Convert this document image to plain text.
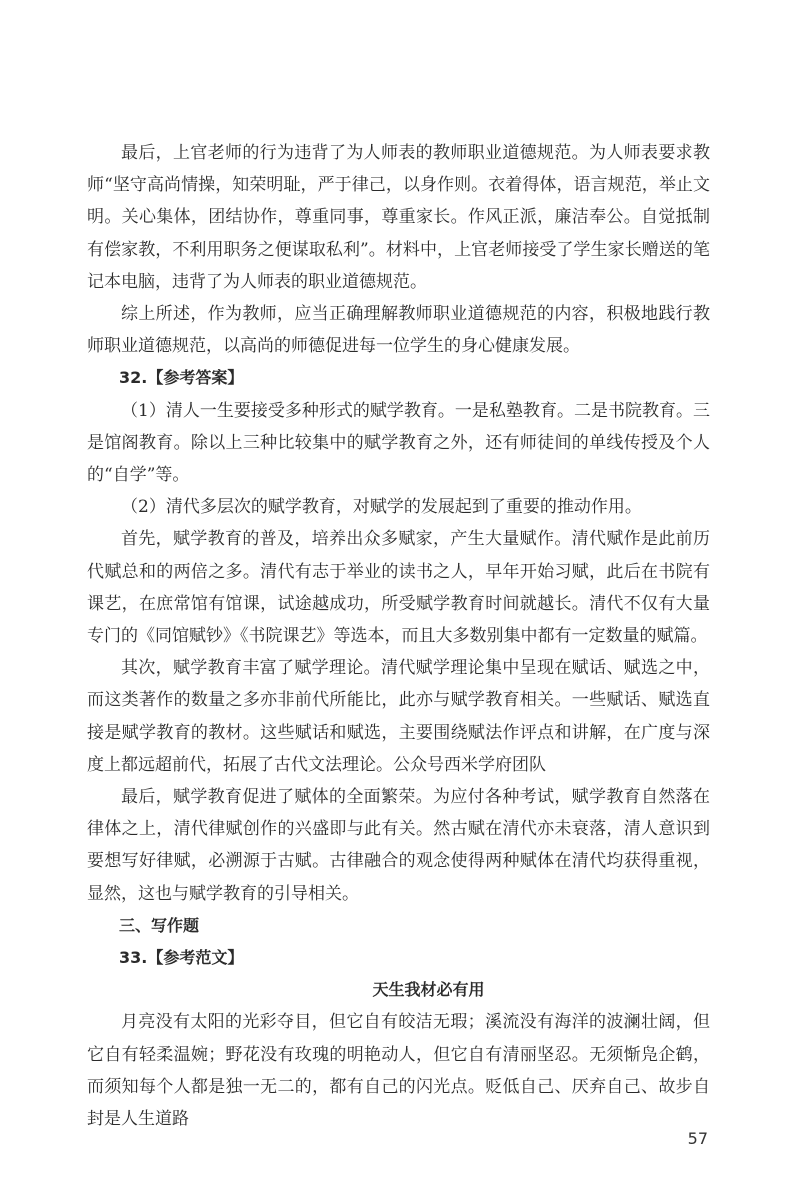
最后，上官老师的行为违背了为人师表的教师职业道德规范。为人师表要求教师“坚守高尚情操，知荣明耻，严于律己，以身作则。衣着得体，语言规范，举止文明。关心集体，团结协作，尊重同事，尊重家长。作风正派，廉洁奉公。自觉抵制有偿家教，不利用职务之便谋取私利”。材料中，上官老师接受了学生家长赠送的笔记本电脑，违背了为人师表的职业道德规范。

综上所述，作为教师，应当正确理解教师职业道德规范的内容，积极地践行教师职业道德规范，以高尚的师德促进每一位学生的身心健康发展。

32.【参考答案】

（1）清人一生要接受多种形式的赋学教育。一是私塾教育。二是书院教育。三是馆阁教育。除以上三种比较集中的赋学教育之外，还有师徒间的单线传授及个人的“自学”等。

（2）清代多层次的赋学教育，对赋学的发展起到了重要的推动作用。

首先，赋学教育的普及，培养出众多赋家，产生大量赋作。清代赋作是此前历代赋总和的两倍之多。清代有志于举业的读书之人，早年开始习赋，此后在书院有课艺，在庶常馆有馆课，试途越成功，所受赋学教育时间就越长。清代不仅有大量专门的《同馆赋钞》《书院课艺》等选本，而且大多数别集中都有一定数量的赋篇。

其次，赋学教育丰富了赋学理论。清代赋学理论集中呈现在赋话、赋选之中，而这类著作的数量之多亦非前代所能比，此亦与赋学教育相关。一些赋话、赋选直接是赋学教育的教材。这些赋话和赋选，主要围绕赋法作评点和讲解，在广度与深度上都远超前代，拓展了古代文法理论。公众号西米学府团队

最后，赋学教育促进了赋体的全面繁荣。为应付各种考试，赋学教育自然落在律体之上，清代律赋创作的兴盛即与此有关。然古赋在清代亦未衰落，清人意识到要想写好律赋，必溯源于古赋。古律融合的观念使得两种赋体在清代均获得重视，显然，这也与赋学教育的引导相关。

三、写作题

33.【参考范文】

天生我材必有用

月亮没有太阳的光彩夺目，但它自有皎洁无瑕；溪流没有海洋的波澜壮阔，但它自有轻柔温婉；野花没有玫瑰的明艳动人，但它自有清丽坚忍。无须惭凫企鹤，而须知每个人都是独一无二的，都有自己的闪光点。贬低自己、厌弃自己、故步自封是人生道路

57
